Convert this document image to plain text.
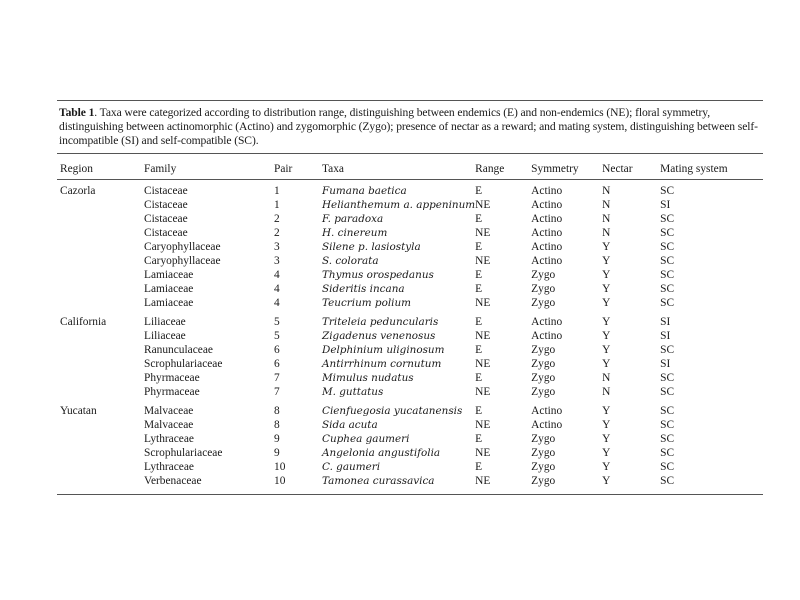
Table 1. Taxa were categorized according to distribution range, distinguishing between endemics (E) and non-endemics (NE); floral symmetry, distinguishing between actinomorphic (Actino) and zygomorphic (Zygo); presence of nectar as a reward; and mating system, distinguishing between self-incompatible (SI) and self-compatible (SC).
Region	Family	Pair	Taxa	Range	Symmetry	Nectar	Mating system
Cazorla	Cistaceae	1	Fumana baetica	E	Actino	N	SC
	Cistaceae	1	Helianthemum a. appeninum	NE	Actino	N	SI
	Cistaceae	2	F. paradoxa	E	Actino	N	SC
	Cistaceae	2	H. cinereum	NE	Actino	N	SC
	Caryophyllaceae	3	Silene p. lasiostyla	E	Actino	Y	SC
	Caryophyllaceae	3	S. colorata	NE	Actino	Y	SC
	Lamiaceae	4	Thymus orospedanus	E	Zygo	Y	SC
	Lamiaceae	4	Sideritis incana	E	Zygo	Y	SC
	Lamiaceae	4	Teucrium polium	NE	Zygo	Y	SC
California	Liliaceae	5	Triteleia peduncularis	E	Actino	Y	SI
	Liliaceae	5	Zigadenus venenosus	NE	Actino	Y	SI
	Ranunculaceae	6	Delphinium uliginosum	E	Zygo	Y	SC
	Scrophulariaceae	6	Antirrhinum cornutum	NE	Zygo	Y	SI
	Phyrmaceae	7	Mimulus nudatus	E	Zygo	N	SC
	Phyrmaceae	7	M. guttatus	NE	Zygo	N	SC
Yucatan	Malvaceae	8	Cienfuegosia yucatanensis	E	Actino	Y	SC
	Malvaceae	8	Sida acuta	NE	Actino	Y	SC
	Lythraceae	9	Cuphea gaumeri	E	Zygo	Y	SC
	Scrophulariaceae	9	Angelonia angustifolia	NE	Zygo	Y	SC
	Lythraceae	10	C. gaumeri	E	Zygo	Y	SC
	Verbenaceae	10	Tamonea curassavica	NE	Zygo	Y	SC
